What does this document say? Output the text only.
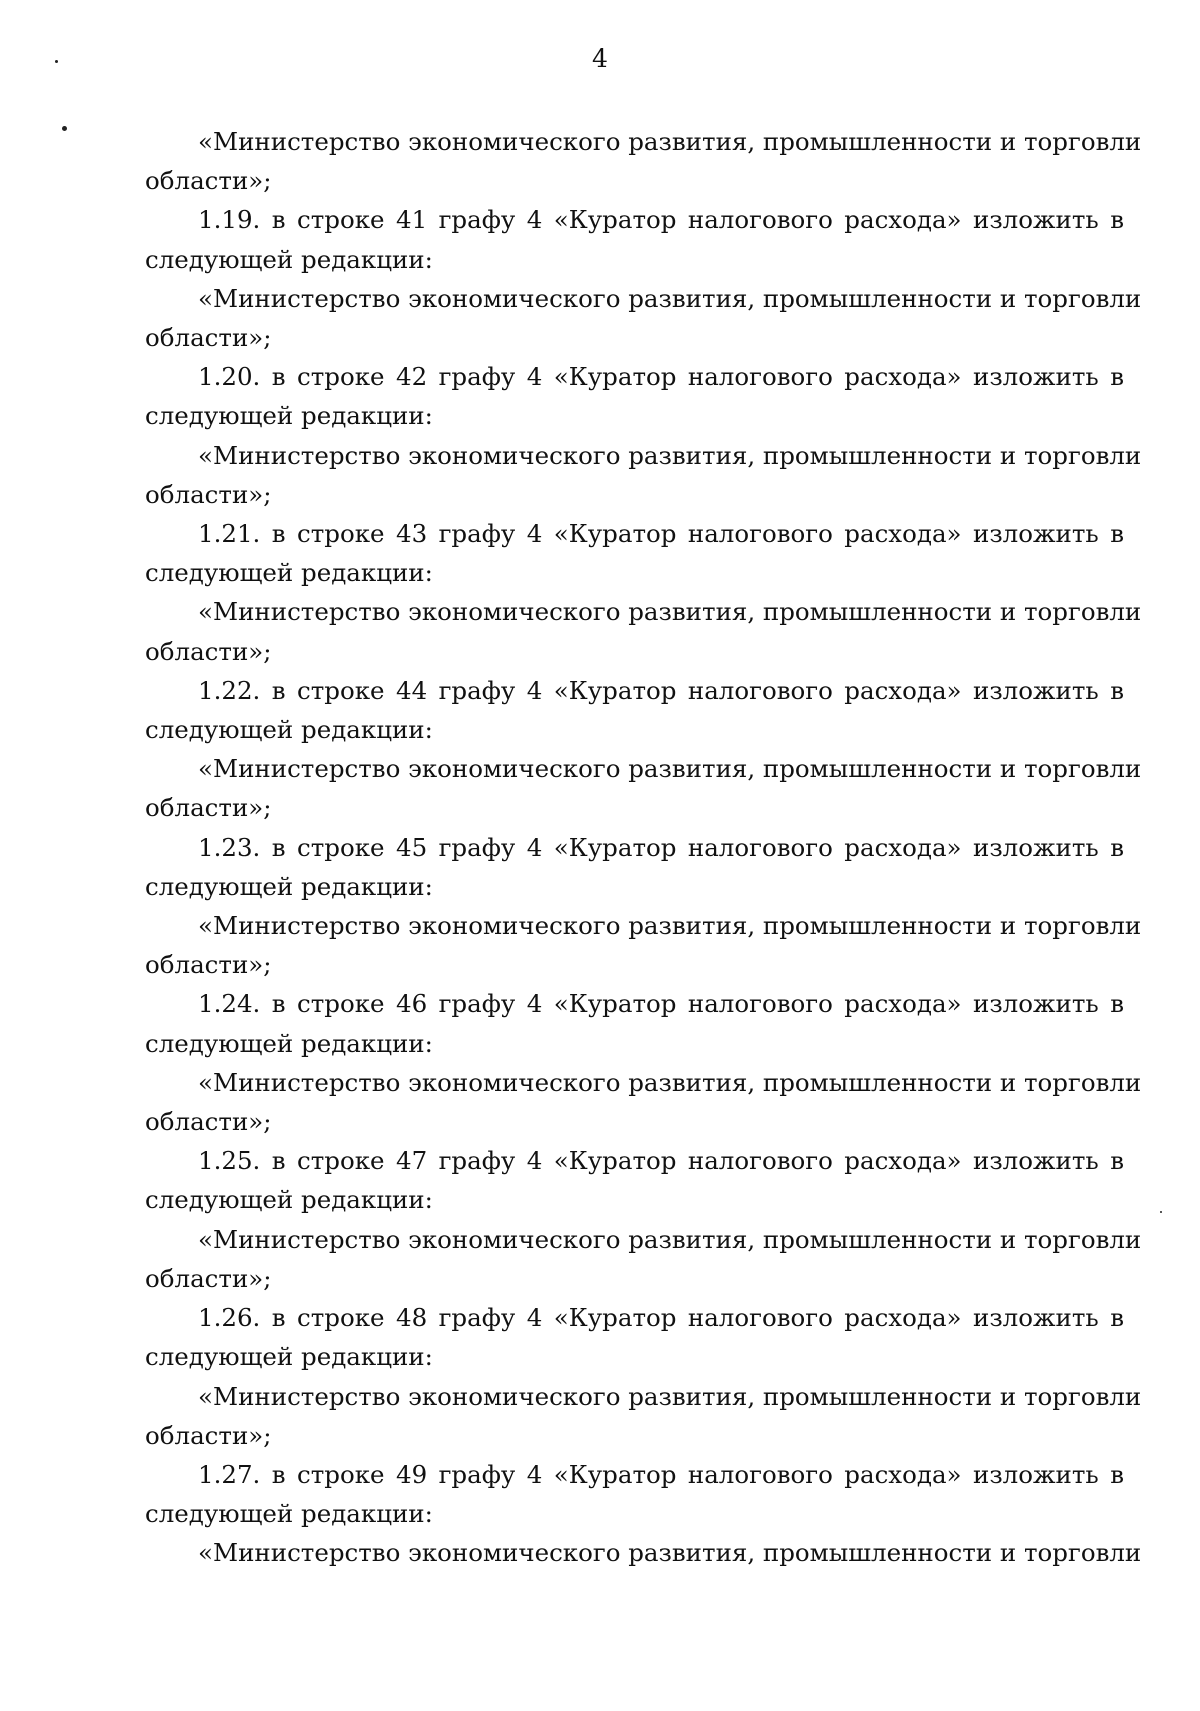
4

«Министерство экономического развития, промышленности и торговли

области»;

1.19. в строке 41 графу 4 «Куратор налогового расхода» изложить в

следующей редакции:

«Министерство экономического развития, промышленности и торговли

области»;

1.20. в строке 42 графу 4 «Куратор налогового расхода» изложить в

следующей редакции:

«Министерство экономического развития, промышленности и торговли

области»;

1.21. в строке 43 графу 4 «Куратор налогового расхода» изложить в

следующей редакции:

«Министерство экономического развития, промышленности и торговли

области»;

1.22. в строке 44 графу 4 «Куратор налогового расхода» изложить в

следующей редакции:

«Министерство экономического развития, промышленности и торговли

области»;

1.23. в строке 45 графу 4 «Куратор налогового расхода» изложить в

следующей редакции:

«Министерство экономического развития, промышленности и торговли

области»;

1.24. в строке 46 графу 4 «Куратор налогового расхода» изложить в

следующей редакции:

«Министерство экономического развития, промышленности и торговли

области»;

1.25. в строке 47 графу 4 «Куратор налогового расхода» изложить в

следующей редакции:

«Министерство экономического развития, промышленности и торговли

области»;

1.26. в строке 48 графу 4 «Куратор налогового расхода» изложить в

следующей редакции:

«Министерство экономического развития, промышленности и торговли

области»;

1.27. в строке 49 графу 4 «Куратор налогового расхода» изложить в

следующей редакции:

«Министерство экономического развития, промышленности и торговли
